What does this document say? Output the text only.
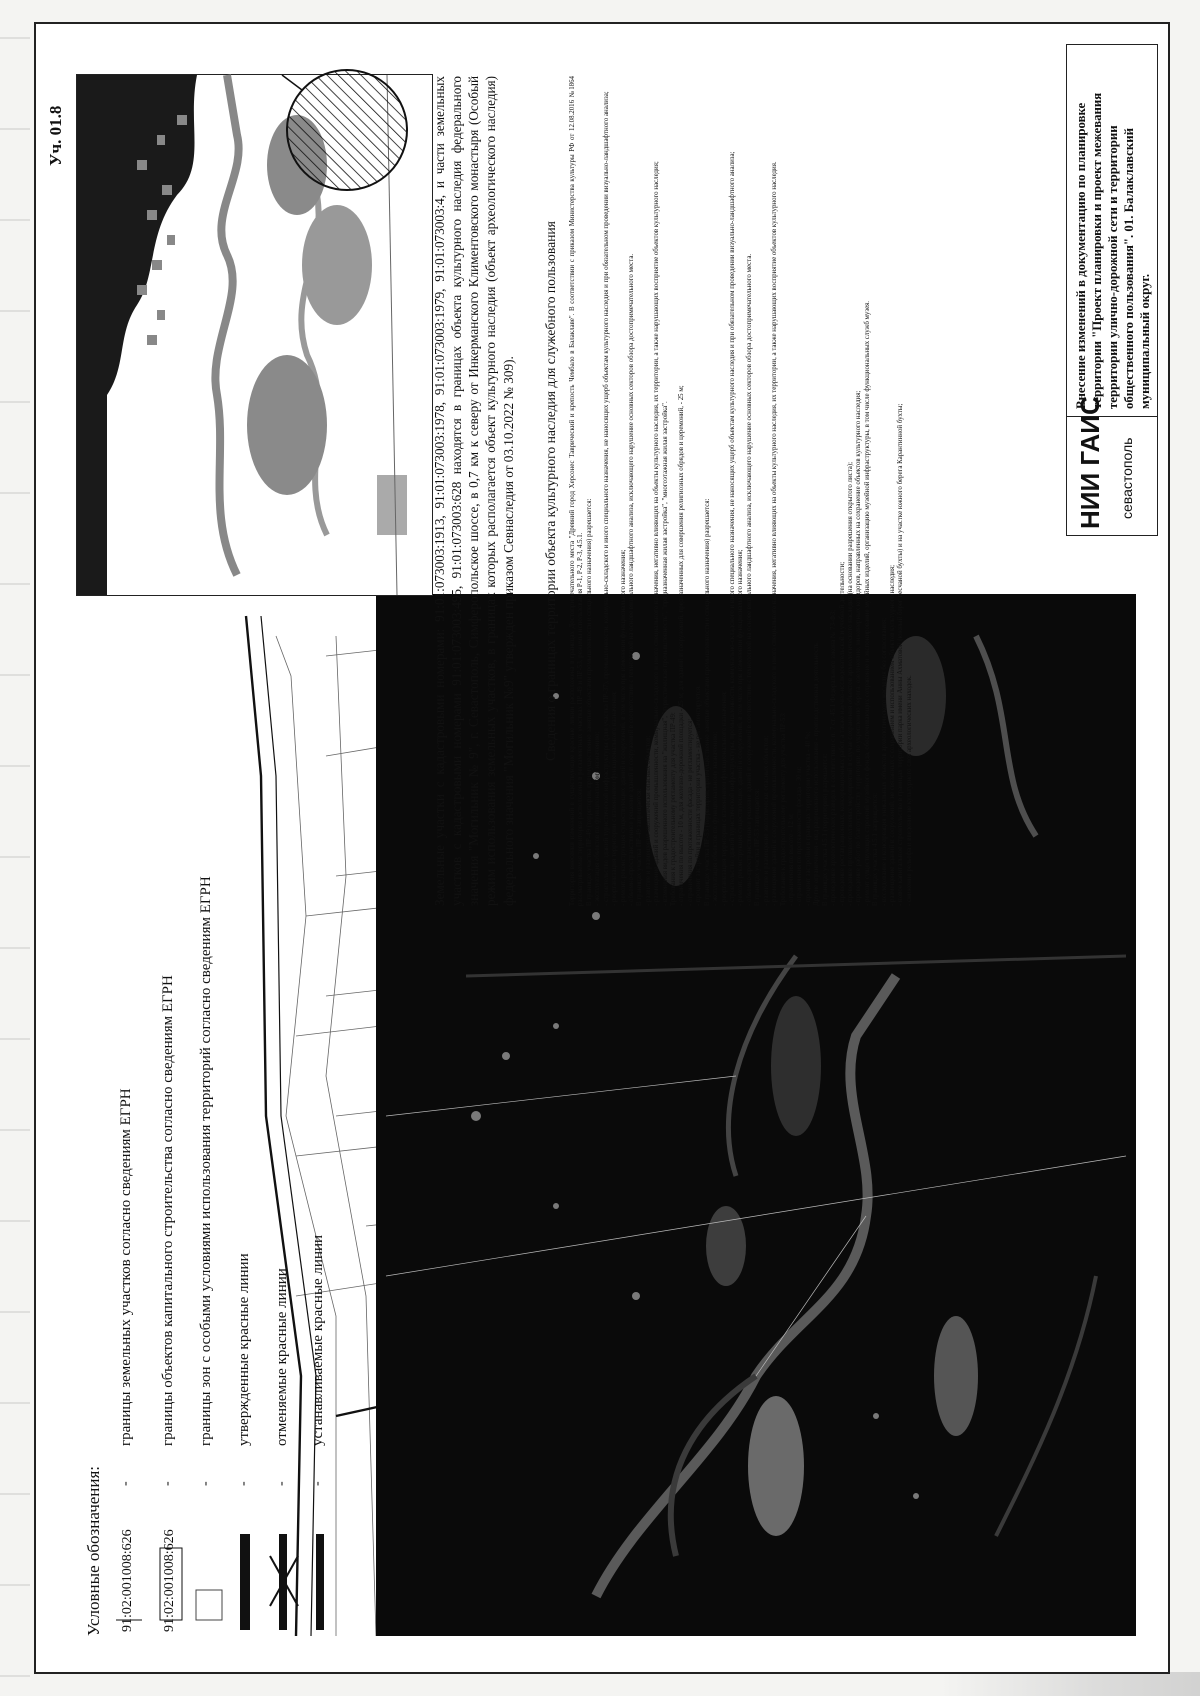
Условные обозначения: 91:02:001008:626
-
границы земельных участков согласно сведениям ЕГРН
91:02:001008:626
-
границы объектов капитального строительства согласно сведениям ЕГРН
-
границы зон с особыми условиями использования территорий согласно сведениям ЕГРН
-
утвержденные красные линии
-
отменяемые красные линии
-
устанавливаемые красные линии
Уч. 01.8	Земельные участки с кадастровыми номерами: 91:01:073003:1913, 91:01:073003:1978, 91:01:073003:1979, 91:01:073003:4, и части земельных участков с кадастровыми номерами 91:01:073003:495, 91:01:073003:628 находятся в границах объекта культурного наследия федерального значения "Могильник № 9", г. Севастополь, Симферопольское шоссе, в 0,7 км к северу от Инкерманского Климентовского монастыря (Особый режим использования земельных участков, в границах которых располагается объект культурного наследия (объект археологического наследия) федерального значения "Могильник №9" утвержден приказом Севнаследия от 03.10.2022 № 309). Сведения о границах территории объекта культурного наследия для служебного пользования Территория внесения изменений в существующие красные линии расположена в границах Достопримечательного места "Древний город Херсонес Таврический и крепость Чембало в Балаклаве". В соответствии с приказом Министерства культуры РФ от 12.08.2016 №1864 рассматриваемая территория расположена в регламентных участках ПР-49 и ПР-53, режимы использования Р-1, Р-2, Р-3, 4.5.1. В границах участка ПР-49 (территории, преимущественно занятые объектами промышленности и специального назначения) разрешается: - эксплуатация объектов по функциональному назначению; - строительство зданий туристической инфраструктуры (для участка ПР-37), промышленности, коммунально-складского и иного специального назначения, не наносящих ущерб объектам культурного наследия и при обязательном проведении визуально-ландшафтного анализа; - реорганизация территории с изменением функционального назначения; - ремонт, реконструкция существующих зданий и сооружений, в том числе при изменении функционального назначения; - объемно-пространственное решение зданий и сооружений в соответствии с технологией на основе визуального ландшафтного анализа, исключающего нарушение основных секторов обзора достопримечательного места. В границах участка ПР-49 запрещается: - развитие и размещение экологически опасных объектов; - размещение зданий и сооружений промышленности, коммунально-складского и иного специального назначения, негативно влияющих на объекты культурного наследия, их территории, а также нарушающих восприятие объектов культурного наследия; - изменения видов разрешенного использования на "жилищная", "туристическая промышленность", "предназначенная жилая застройка", "многоэтажная жилая застройка". Требования к градостроительному регламенту для участка ПР-49: - ограничения по высоте - 10 м, для железно-дорожной площадки - 25 м; для зданий и сооружений, предназначенных для совершения религиозных обрядов и церемоний, - 25 м; - ограничения по протяженности фасада - не регламентируется; - процент застройки в границах территории участка - не регламентируется. В границах участка ПР-53 (территории, преимущественно занятые объектами промышленности и специального назначения) разрешается: - эксплуатация объектов по функциональному назначению; - реорганизация территории с изменением функционального назначения; - строительство зданий туристической инфраструктуры, промышленности, коммунально-складского и иного специального назначения, не наносящих ущерб объектам культурного наследия и при обязательном проведении визуально-ландшафтного анализа; - ремонт, реконструкция существующих зданий и сооружений, в том числе при изменении функционального назначения; - объемно-пространственное решение зданий и сооружений в соответствии с технологией на основе визуального ландшафтного анализа, исключающего нарушение основных секторов обзора достопримечательного места. В границах участка ПР-53 запрещается: - развитие и размещение экологически опасных объектов; - размещение зданий и сооружений промышленности, коммунально-складского и иного специального назначения, негативно влияющих на объекты культурного наследия, их территории, а также нарушающих восприятие объектов культурного наследия. Требования к градостроительному регламенту для участка ПР-53: - ограничения по высоте - 12 м; - ограничения по протяженности фасада - 30 м; - процент застройки в границах территории участка - 40 %; Другие ограничения - вид разрешенного использования - производственная деятельность. В границах участка 4.5.1 (территория) разрешается: - проведение археологических разведок в соответствии с п. 7 ст. 45.1 Федерального закона № 73-ФЗ; - проведение реставрационных, консервационных работ, а также научно-исследовательской и учебной деятельности; - проведение противооползневых мероприятий в случае сохранения объектов археологического наследия (на основании разрешения открытого листа); - проведение работ по благоустройству территории, по укреплению берега, озеленению, инженерных коридоров, направленных на сохранение объектов культурного наследия; - ремонт существующих строений музейного фонда, обеспечивающих сохранение и экспонирование музейных изделий, организацию музейной инфраструктуры, в том числе функциональных служб музея. В границах участка 4.5.1 запрещается: - исследование и консервация уникальных объектов археологического наследия без согласования; - размещение зданий и сооружений, не связанных с сохранением и использованием объектов культурного наследия; - новое капитальное строительство в границах территории парка имени Анны Ахматовой (южный берег песчаной бухты) и на участке южного берега Карантинной бухты; - снижение рельефа и введение не культурного слоя археологических находок.

НИИ ГАИС севастополь
Внесение изменений в документацию по планировке территории "Проект планировки и проект межевания территории улично-дорожной сети и территории общественного пользования". 01. Балаклавский муниципальный округ.
